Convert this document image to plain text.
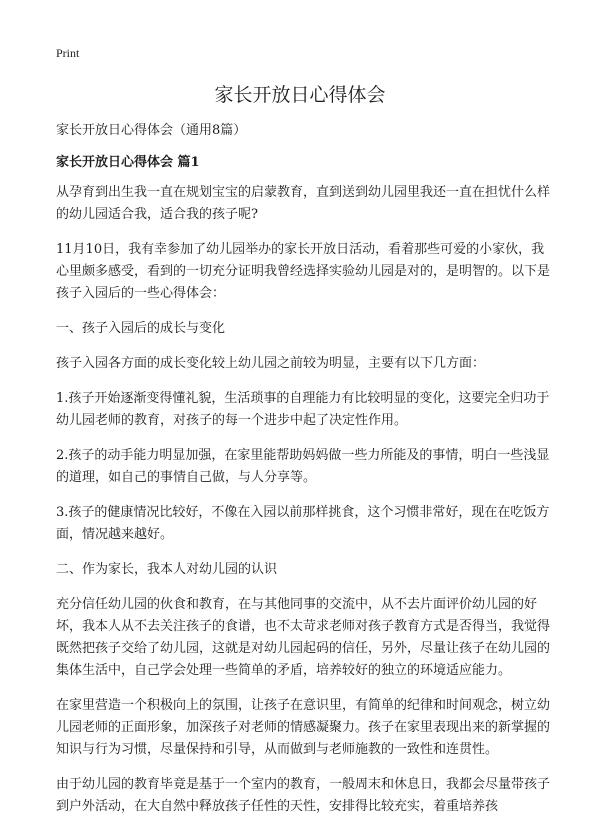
Print
家长开放日心得体会

家长开放日心得体会（通用8篇）

家长开放日心得体会 篇1

从孕育到出生我一直在规划宝宝的启蒙教育，直到送到幼儿园里我还一直在担忧什么样的幼儿园适合我，适合我的孩子呢?

11月10日，我有幸参加了幼儿园举办的家长开放日活动，看着那些可爱的小家伙，我心里颇多感受，看到的一切充分证明我曾经选择实验幼儿园是对的，是明智的。以下是孩子入园后的一些心得体会：

一、孩子入园后的成长与变化

孩子入园各方面的成长变化较上幼儿园之前较为明显，主要有以下几方面：

1.孩子开始逐渐变得懂礼貌，生活琐事的自理能力有比较明显的变化，这要完全归功于幼儿园老师的教育，对孩子的每一个进步中起了决定性作用。

2.孩子的动手能力明显加强，在家里能帮助妈妈做一些力所能及的事情，明白一些浅显的道理，如自己的事情自己做，与人分享等。

3.孩子的健康情况比较好，不像在入园以前那样挑食，这个习惯非常好，现在在吃饭方面，情况越来越好。

二、作为家长，我本人对幼儿园的认识

充分信任幼儿园的伙食和教育，在与其他同事的交流中，从不去片面评价幼儿园的好坏，我本人从不去关注孩子的食谱，也不太苛求老师对孩子教育方式是否得当，我觉得既然把孩子交给了幼儿园，这就是对幼儿园起码的信任，另外，尽量让孩子在幼儿园的集体生活中，自己学会处理一些简单的矛盾，培养较好的独立的环境适应能力。

在家里营造一个积极向上的氛围，让孩子在意识里，有简单的纪律和时间观念，树立幼儿园老师的正面形象，加深孩子对老师的情感凝聚力。孩子在家里表现出来的新掌握的知识与行为习惯，尽量保持和引导，从而做到与老师施教的一致性和连贯性。

由于幼儿园的教育毕竟是基于一个室内的教育，一般周末和休息日，我都会尽量带孩子到户外活动，在大自然中释放孩子任性的天性，安排得比较充实，着重培养孩
